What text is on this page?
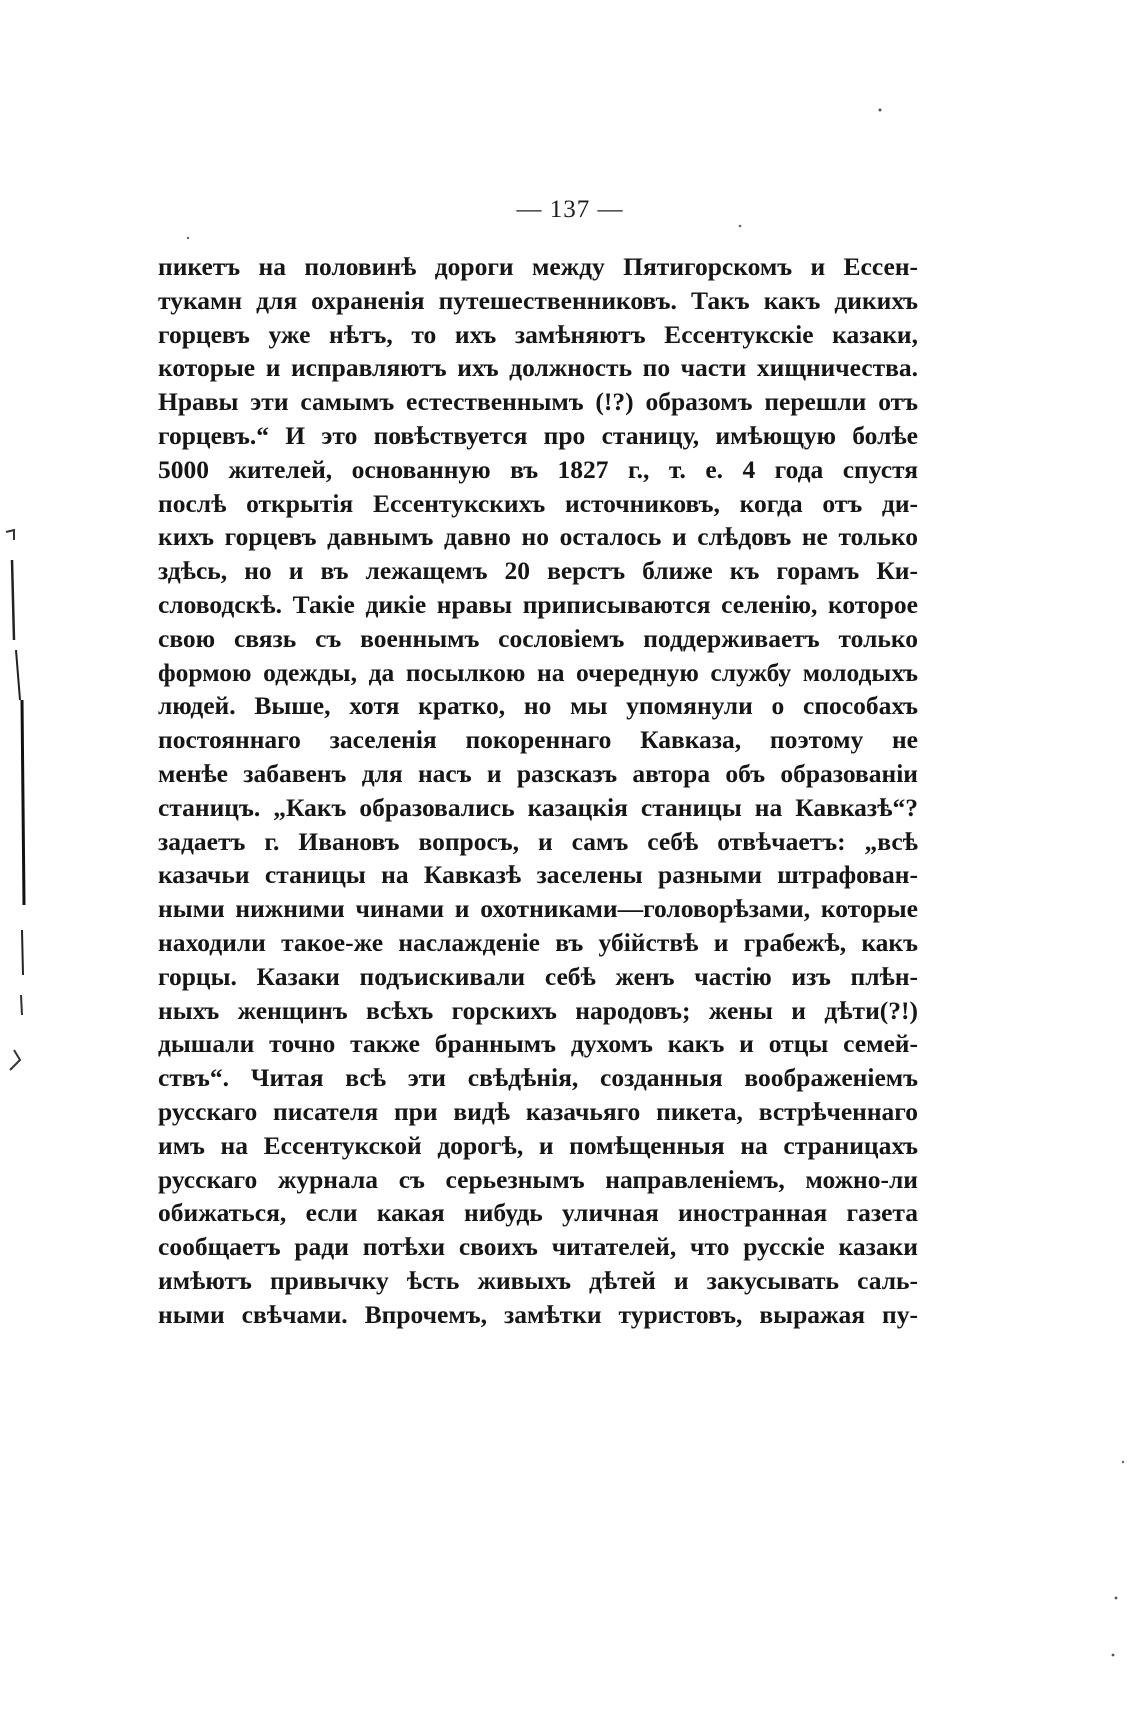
— 137 —
пикетъ на половинѣ дороги между Пятигорскомъ и Ессен-
тукамн для охраненія путешественниковъ. Такъ какъ дикихъ
горцевъ уже нѣтъ, то ихъ замѣняютъ Ессентукскіе казаки,
которые и исправляютъ ихъ должность по части хищничества.
Нравы эти самымъ естественнымъ (!?) образомъ перешли отъ
горцевъ.“ И это повѣствуется про станицу, имѣющую болѣе
5000 жителей, основанную въ 1827 г., т. е. 4 года спустя
послѣ открытія Ессентукскихъ источниковъ, когда отъ ди-
кихъ горцевъ давнымъ давно но осталось и слѣдовъ не только
здѣсь, но и въ лежащемъ 20 верстъ ближе къ горамъ Ки-
словодскѣ. Такіе дикіе нравы приписываются селенію, которое
свою связь съ военнымъ сословіемъ поддерживаетъ только
формою одежды, да посылкою на очередную службу молодыхъ
людей. Выше, хотя кратко, но мы упомянули о способахъ
постояннаго заселенія покореннаго Кавказа, поэтому не
менѣе забавенъ для насъ и разсказъ автора объ образованіи
станицъ. „Какъ образовались казацкія станицы на Кавказѣ“?
задаетъ г. Ивановъ вопросъ, и самъ себѣ отвѣчаетъ: „всѣ
казачьи станицы на Кавказѣ заселены разными штрафован-
ными нижними чинами и охотниками—головорѣзами, которые
находили такое-же наслажденіе въ убійствѣ и грабежѣ, какъ
горцы. Казаки подъискивали себѣ женъ частію изъ плѣн-
ныхъ женщинъ всѣхъ горскихъ народовъ; жены и дѣти(?!)
дышали точно также браннымъ духомъ какъ и отцы семей-
ствъ“. Читая всѣ эти свѣдѣнія, созданныя воображеніемъ
русскаго писателя при видѣ казачьяго пикета, встрѣченнаго
имъ на Ессентукской дорогѣ, и помѣщенныя на страницахъ
русскаго журнала съ серьезнымъ направленіемъ, можно-ли
обижаться, если какая нибудь уличная иностранная газета
сообщаетъ ради потѣхи своихъ читателей, что русскіе казаки
имѣютъ привычку ѣсть живыхъ дѣтей и закусывать саль-
ными свѣчами. Впрочемъ, замѣтки туристовъ, выражая пу-
